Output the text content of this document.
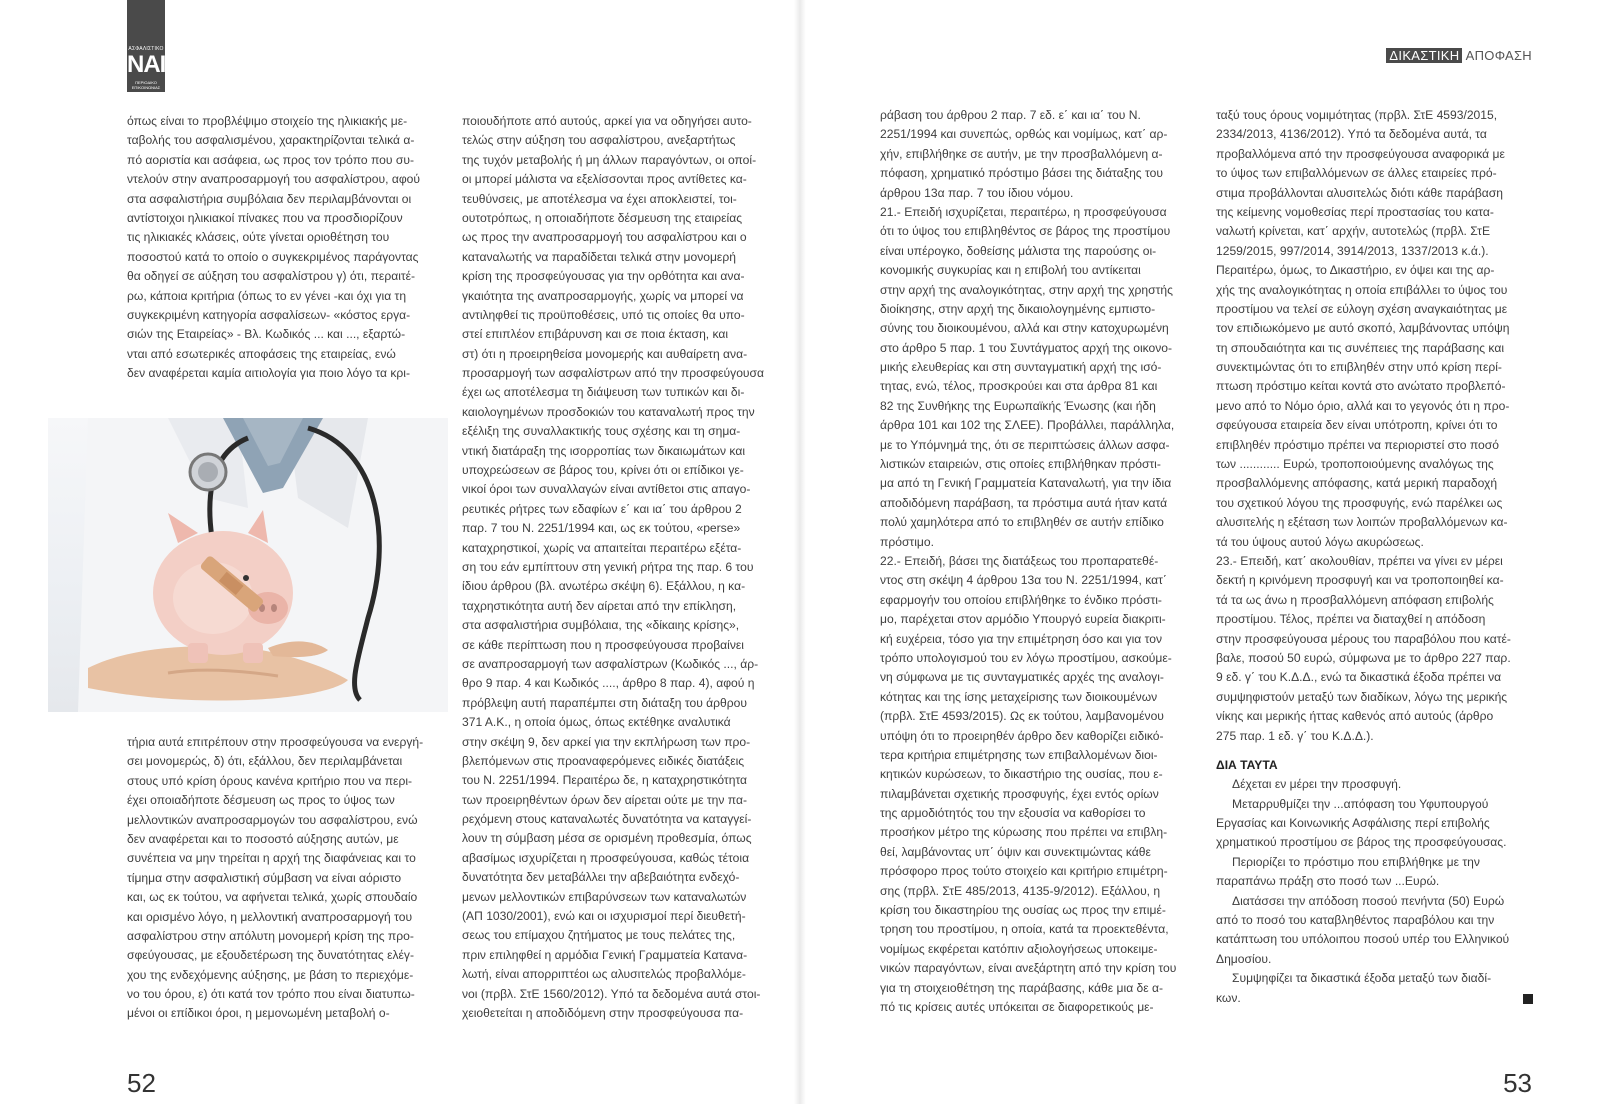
ΑΣΦΑΛΙΣΤΙΚΟ
ΝΑΙ
ΠΕΡΙΟΔΙΚΟ ΕΠΙΚΟΙΝΩΝΙΑΣ
ΔΙΚΑΣΤΙΚΗ ΑΠΟΦΑΣΗ
όπως είναι το προβλέψιμο στοιχείο της ηλικιακής με-
ταβολής του ασφαλισμένου, χαρακτηρίζονται τελικά α-
πό αοριστία και ασάφεια, ως προς τον τρόπο που συ-
ντελούν στην αναπροσαρμογή του ασφαλίστρου, αφού
στα ασφαλιστήρια συμβόλαια δεν περιλαμβάνονται οι
αντίστοιχοι ηλικιακοί πίνακες που να προσδιορίζουν
τις ηλικιακές κλάσεις, ούτε γίνεται οριοθέτηση του
ποσοστού κατά το οποίο ο συγκεκριμένος παράγοντας
θα οδηγεί σε αύξηση του ασφαλίστρου γ) ότι, περαιτέ-
ρω, κάποια κριτήρια (όπως το εν γένει -και όχι για τη
συγκεκριμένη κατηγορία ασφαλίσεων- «κόστος εργα-
σιών της Εταιρείας» - Βλ. Κωδικός ... και ..., εξαρτώ-
νται από εσωτερικές αποφάσεις της εταιρείας, ενώ
δεν αναφέρεται καμία αιτιολογία για ποιο λόγο τα κρι-
τήρια αυτά επιτρέπουν στην προσφεύγουσα να ενεργή-
σει μονομερώς, δ) ότι, εξάλλου, δεν περιλαμβάνεται
στους υπό κρίση όρους κανένα κριτήριο που να περι-
έχει οποιαδήποτε δέσμευση ως προς το ύψος των
μελλοντικών αναπροσαρμογών του ασφαλίστρου, ενώ
δεν αναφέρεται και το ποσοστό αύξησης αυτών, με
συνέπεια να μην τηρείται η αρχή της διαφάνειας και το
τίμημα στην ασφαλιστική σύμβαση να είναι αόριστο
και, ως εκ τούτου, να αφήνεται τελικά, χωρίς σπουδαίο
και ορισμένο λόγο, η μελλοντική αναπροσαρμογή του
ασφαλίστρου στην απόλυτη μονομερή κρίση της προ-
σφεύγουσας, με εξουδετέρωση της δυνατότητας ελέγ-
χου της ενδεχόμενης αύξησης, με βάση το περιεχόμε-
νο του όρου, ε) ότι κατά τον τρόπο που είναι διατυπω-
μένοι οι επίδικοι όροι, η μεμονωμένη μεταβολή ο-
ποιουδήποτε από αυτούς, αρκεί για να οδηγήσει αυτο-
τελώς στην αύξηση του ασφαλίστρου, ανεξαρτήτως
της τυχόν μεταβολής ή μη άλλων παραγόντων, οι οποί-
οι μπορεί μάλιστα να εξελίσσονται προς αντίθετες κα-
τευθύνσεις, με αποτέλεσμα να έχει αποκλειστεί, τοι-
ουτοτρόπως, η οποιαδήποτε δέσμευση της εταιρείας
ως προς την αναπροσαρμογή του ασφαλίστρου και ο
καταναλωτής να παραδίδεται τελικά στην μονομερή
κρίση της προσφεύγουσας για την ορθότητα και ανα-
γκαιότητα της αναπροσαρμογής, χωρίς να μπορεί να
αντιληφθεί τις προϋποθέσεις, υπό τις οποίες θα υπο-
στεί επιπλέον επιβάρυνση και σε ποια έκταση, και
στ) ότι η προειρηθείσα μονομερής και αυθαίρετη ανα-
προσαρμογή των ασφαλίστρων από την προσφεύγουσα
έχει ως αποτέλεσμα τη διάψευση των τυπικών και δι-
καιολογημένων προσδοκιών του καταναλωτή προς την
εξέλιξη της συναλλακτικής τους σχέσης και τη σημα-
ντική διατάραξη της ισορροπίας των δικαιωμάτων και
υποχρεώσεων σε βάρος του, κρίνει ότι οι επίδικοι γε-
νικοί όροι των συναλλαγών είναι αντίθετοι στις απαγο-
ρευτικές ρήτρες των εδαφίων ε΄ και ια΄ του άρθρου 2
παρ. 7 του Ν. 2251/1994 και, ως εκ τούτου, «perse»
καταχρηστικοί, χωρίς να απαιτείται περαιτέρω εξέτα-
ση του εάν εμπίπτουν στη γενική ρήτρα της παρ. 6 του
ίδιου άρθρου (βλ. ανωτέρω σκέψη 6). Εξάλλου, η κα-
ταχρηστικότητα αυτή δεν αίρεται από την επίκληση,
στα ασφαλιστήρια συμβόλαια, της «δίκαιης κρίσης»,
σε κάθε περίπτωση που η προσφεύγουσα προβαίνει
σε αναπροσαρμογή των ασφαλίστρων (Κωδικός ..., άρ-
θρο 9 παρ. 4 και Κωδικός ...., άρθρο 8 παρ. 4), αφού η
πρόβλεψη αυτή παραπέμπει στη διάταξη του άρθρου
371 Α.Κ., η οποία όμως, όπως εκτέθηκε αναλυτικά
στην σκέψη 9, δεν αρκεί για την εκπλήρωση των προ-
βλεπόμενων στις προαναφερόμενες ειδικές διατάξεις
του Ν. 2251/1994. Περαιτέρω δε, η καταχρηστικότητα
των προειρηθέντων όρων δεν αίρεται ούτε με την πα-
ρεχόμενη στους καταναλωτές δυνατότητα να καταγγεί-
λουν τη σύμβαση μέσα σε ορισμένη προθεσμία, όπως
αβασίμως ισχυρίζεται η προσφεύγουσα, καθώς τέτοια
δυνατότητα δεν μεταβάλλει την αβεβαιότητα ενδεχό-
μενων μελλοντικών επιβαρύνσεων των καταναλωτών
(ΑΠ 1030/2001), ενώ και οι ισχυρισμοί περί διευθετή-
σεως του επίμαχου ζητήματος με τους πελάτες της,
πριν επιληφθεί η αρμόδια Γενική Γραμματεία Κατανα-
λωτή, είναι απορριπτέοι ως αλυσιτελώς προβαλλόμε-
νοι (πρβλ. ΣτΕ 1560/2012). Υπό τα δεδομένα αυτά στοι-
χειοθετείται η αποδιδόμενη στην προσφεύγουσα πα-
ράβαση του άρθρου 2 παρ. 7 εδ. ε΄ και ια΄ του Ν.
2251/1994 και συνεπώς, ορθώς και νομίμως, κατ΄ αρ-
χήν, επιβλήθηκε σε αυτήν, με την προσβαλλόμενη α-
πόφαση, χρηματικό πρόστιμο βάσει της διάταξης του
άρθρου 13α παρ. 7 του ίδιου νόμου.
21.- Επειδή ισχυρίζεται, περαιτέρω, η προσφεύγουσα
ότι το ύψος του επιβληθέντος σε βάρος της προστίμου
είναι υπέρογκο, δοθείσης μάλιστα της παρούσης οι-
κονομικής συγκυρίας και η επιβολή του αντίκειται
στην αρχή της αναλογικότητας, στην αρχή της χρηστής
διοίκησης, στην αρχή της δικαιολογημένης εμπιστο-
σύνης του διοικουμένου, αλλά και στην κατοχυρωμένη
στο άρθρο 5 παρ. 1 του Συντάγματος αρχή της οικονο-
μικής ελευθερίας και στη συνταγματική αρχή της ισό-
τητας, ενώ, τέλος, προσκρούει και στα άρθρα 81 και
82 της Συνθήκης της Ευρωπαϊκής Ένωσης (και ήδη
άρθρα 101 και 102 της ΣΛΕΕ). Προβάλλει, παράλληλα,
με το Υπόμνημά της, ότι σε περιπτώσεις άλλων ασφα-
λιστικών εταιρειών, στις οποίες επιβλήθηκαν πρόστι-
μα από τη Γενική Γραμματεία Καταναλωτή, για την ίδια
αποδιδόμενη παράβαση, τα πρόστιμα αυτά ήταν κατά
πολύ χαμηλότερα από το επιβληθέν σε αυτήν επίδικο
πρόστιμο.
22.- Επειδή, βάσει της διατάξεως του προπαρατεθέ-
ντος στη σκέψη 4 άρθρου 13α του Ν. 2251/1994, κατ΄
εφαρμογήν του οποίου επιβλήθηκε το ένδικο πρόστι-
μο, παρέχεται στον αρμόδιο Υπουργό ευρεία διακριτι-
κή ευχέρεια, τόσο για την επιμέτρηση όσο και για τον
τρόπο υπολογισμού του εν λόγω προστίμου, ασκούμε-
νη σύμφωνα με τις συνταγματικές αρχές της αναλογι-
κότητας και της ίσης μεταχείρισης των διοικουμένων
(πρβλ. ΣτΕ 4593/2015). Ως εκ τούτου, λαμβανομένου
υπόψη ότι το προειρηθέν άρθρο δεν καθορίζει ειδικό-
τερα κριτήρια επιμέτρησης των επιβαλλομένων διοι-
κητικών κυρώσεων, το δικαστήριο της ουσίας, που ε-
πιλαμβάνεται σχετικής προσφυγής, έχει εντός ορίων
της αρμοδιότητός του την εξουσία να καθορίσει το
προσήκον μέτρο της κύρωσης που πρέπει να επιβλη-
θεί, λαμβάνοντας υπ΄ όψιν και συνεκτιμώντας κάθε
πρόσφορο προς τούτο στοιχείο και κριτήριο επιμέτρη-
σης (πρβλ. ΣτΕ 485/2013, 4135-9/2012). Εξάλλου, η
κρίση του δικαστηρίου της ουσίας ως προς την επιμέ-
τρηση του προστίμου, η οποία, κατά τα προεκτεθέντα,
νομίμως εκφέρεται κατόπιν αξιολογήσεως υποκειμε-
νικών παραγόντων, είναι ανεξάρτητη από την κρίση του
για τη στοιχειοθέτηση της παράβασης, κάθε μια δε α-
πό τις κρίσεις αυτές υπόκειται σε διαφορετικούς με-
ταξύ τους όρους νομιμότητας (πρβλ. ΣτΕ 4593/2015,
2334/2013, 4136/2012). Υπό τα δεδομένα αυτά, τα
προβαλλόμενα από την προσφεύγουσα αναφορικά με
το ύψος των επιβαλλόμενων σε άλλες εταιρείες πρό-
στιμα προβάλλονται αλυσιτελώς διότι κάθε παράβαση
της κείμενης νομοθεσίας περί προστασίας του κατα-
ναλωτή κρίνεται, κατ΄ αρχήν, αυτοτελώς (πρβλ. ΣτΕ
1259/2015, 997/2014, 3914/2013, 1337/2013 κ.ά.).
Περαιτέρω, όμως, το Δικαστήριο, εν όψει και της αρ-
χής της αναλογικότητας η οποία επιβάλλει το ύψος του
προστίμου να τελεί σε εύλογη σχέση αναγκαιότητας με
τον επιδιωκόμενο με αυτό σκοπό, λαμβάνοντας υπόψη
τη σπουδαιότητα και τις συνέπειες της παράβασης και
συνεκτιμώντας ότι το επιβληθέν στην υπό κρίση περί-
πτωση πρόστιμο κείται κοντά στο ανώτατο προβλεπό-
μενο από το Νόμο όριο, αλλά και το γεγονός ότι η προ-
σφεύγουσα εταιρεία δεν είναι υπότροπη, κρίνει ότι το
επιβληθέν πρόστιμο πρέπει να περιοριστεί στο ποσό
των ............ Ευρώ, τροποποιούμενης αναλόγως της
προσβαλλόμενης απόφασης, κατά μερική παραδοχή
του σχετικού λόγου της προσφυγής, ενώ παρέλκει ως
αλυσιτελής η εξέταση των λοιπών προβαλλόμενων κα-
τά του ύψους αυτού λόγω ακυρώσεως.
23.- Επειδή, κατ΄ ακολουθίαν, πρέπει να γίνει εν μέρει
δεκτή η κρινόμενη προσφυγή και να τροποποιηθεί κα-
τά τα ως άνω η προσβαλλόμενη απόφαση επιβολής
προστίμου. Τέλος, πρέπει να διαταχθεί η απόδοση
στην προσφεύγουσα μέρους του παραβόλου που κατέ-
βαλε, ποσού 50 ευρώ, σύμφωνα με το άρθρο 227 παρ.
9 εδ. γ΄ του Κ.Δ.Δ., ενώ τα δικαστικά έξοδα πρέπει να
συμψηφιστούν μεταξύ των διαδίκων, λόγω της μερικής
νίκης και μερικής ήττας καθενός από αυτούς (άρθρο
275 παρ. 1 εδ. γ΄ του Κ.Δ.Δ.).
ΔΙΑ ΤΑΥΤΑ
Δέχεται εν μέρει την προσφυγή.
Μεταρρυθμίζει την ...απόφαση του Υφυπουργού
Εργασίας και Κοινωνικής Ασφάλισης περί επιβολής
χρηματικού προστίμου σε βάρος της προσφεύγουσας.
Περιορίζει το πρόστιμο που επιβλήθηκε με την
παραπάνω πράξη στο ποσό των ...Ευρώ.
Διατάσσει την απόδοση ποσού πενήντα (50) Ευρώ
από το ποσό του καταβληθέντος παραβόλου και την
κατάπτωση του υπόλοιπου ποσού υπέρ του Ελληνικού
Δημοσίου.
Συμψηφίζει τα δικαστικά έξοδα μεταξύ των διαδί-
κων.
52	53
